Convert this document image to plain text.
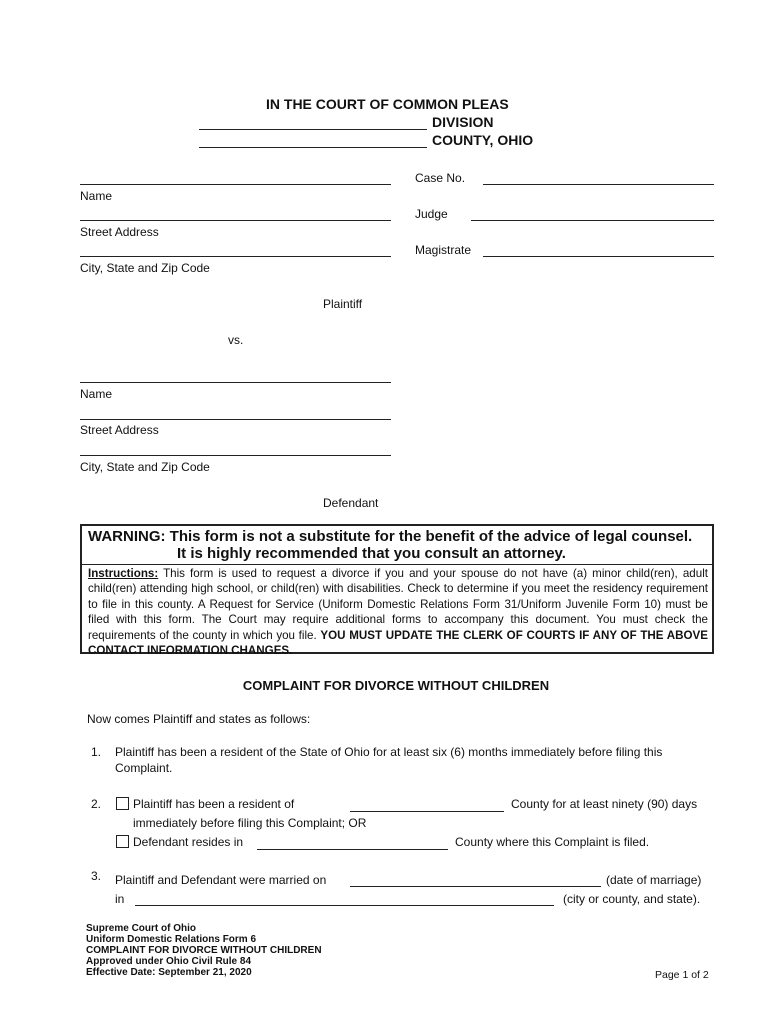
IN THE COURT OF COMMON PLEAS
DIVISION
COUNTY, OHIO
Name
Street Address
City, State and Zip Code
Plaintiff
Case No.
Judge
Magistrate
vs.
Name
Street Address
City, State and Zip Code
Defendant
WARNING: This form is not a substitute for the benefit of the advice of legal counsel.
It is highly recommended that you consult an attorney.
Instructions: This form is used to request a divorce if you and your spouse do not have (a) minor child(ren), adult child(ren) attending high school, or child(ren) with disabilities. Check to determine if you meet the residency requirement to file in this county. A Request for Service (Uniform Domestic Relations Form 31/Uniform Juvenile Form 10) must be filed with this form. The Court may require additional forms to accompany this document. You must check the requirements of the county in which you file. YOU MUST UPDATE THE CLERK OF COURTS IF ANY OF THE ABOVE CONTACT INFORMATION CHANGES.
COMPLAINT FOR DIVORCE WITHOUT CHILDREN
Now comes Plaintiff and states as follows:
1. Plaintiff has been a resident of the State of Ohio for at least six (6) months immediately before filing this
Complaint.
2.	Plaintiff has been a resident of	County for at least ninety (90) days
immediately before filing this Complaint; OR
Defendant resides in	County where this Complaint is filed.
3. Plaintiff and Defendant were married on	(date of marriage)
in	(city or county, and state).
Supreme Court of Ohio
Uniform Domestic Relations Form 6
COMPLAINT FOR DIVORCE WITHOUT CHILDREN
Approved under Ohio Civil Rule 84
Effective Date: September 21, 2020	Page 1 of 2
